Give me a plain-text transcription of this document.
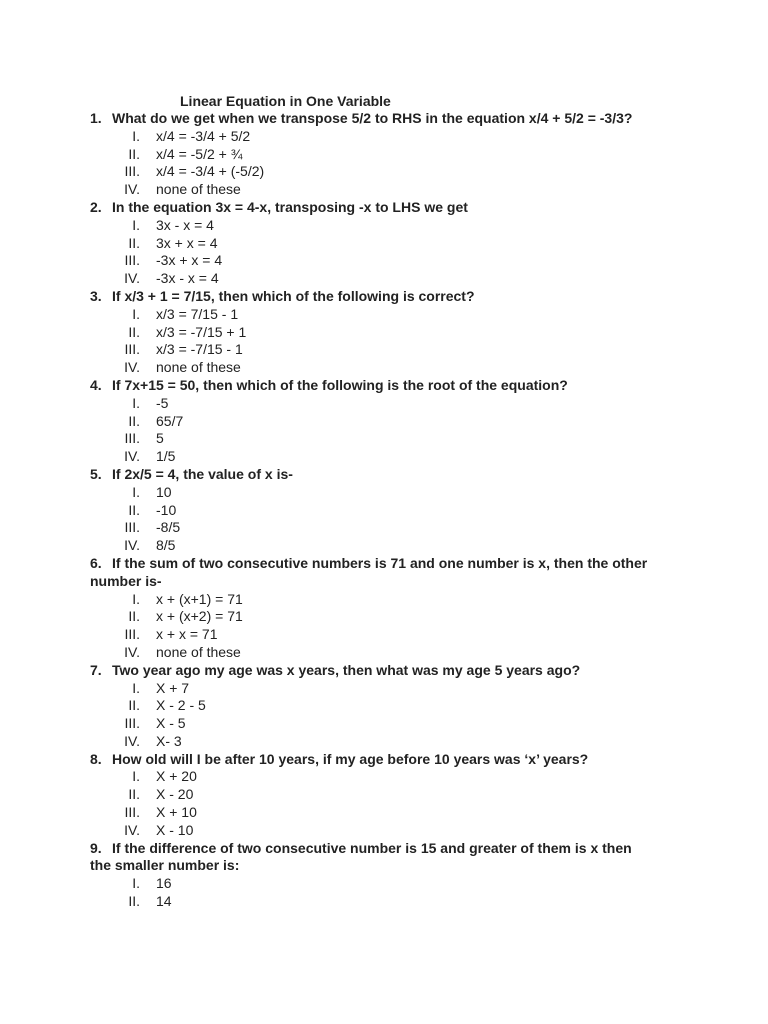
Linear Equation in One Variable
1. What do we get when we transpose 5/2 to RHS in the equation x/4 + 5/2 = -3/3?
I. x/4 = -3/4 + 5/2
II. x/4 = -5/2 + ¾
III. x/4 = -3/4 + (-5/2)
IV. none of these
2. In the equation 3x = 4-x, transposing -x to LHS we get
I. 3x - x = 4
II. 3x + x = 4
III. -3x + x = 4
IV. -3x - x = 4
3. If x/3 + 1 = 7/15, then which of the following is correct?
I. x/3 = 7/15 - 1
II. x/3 = -7/15 + 1
III. x/3 = -7/15 - 1
IV. none of these
4. If 7x+15 = 50, then which of the following is the root of the equation?
I. -5
II. 65/7
III. 5
IV. 1/5
5. If 2x/5 = 4, the value of x is-
I. 10
II. -10
III. -8/5
IV. 8/5
6. If the sum of two consecutive numbers is 71 and one number is x, then the other
number is-
I. x + (x+1) = 71
II. x + (x+2) = 71
III. x + x = 71
IV. none of these
7. Two year ago my age was x years, then what was my age 5 years ago?
I. X + 7
II. X - 2 - 5
III. X - 5
IV. X- 3
8. How old will I be after 10 years, if my age before 10 years was ‘x’ years?
I. X + 20
II. X - 20
III. X + 10
IV. X - 10
9. If the difference of two consecutive number is 15 and greater of them is x then
the smaller number is:
I. 16
II. 14
